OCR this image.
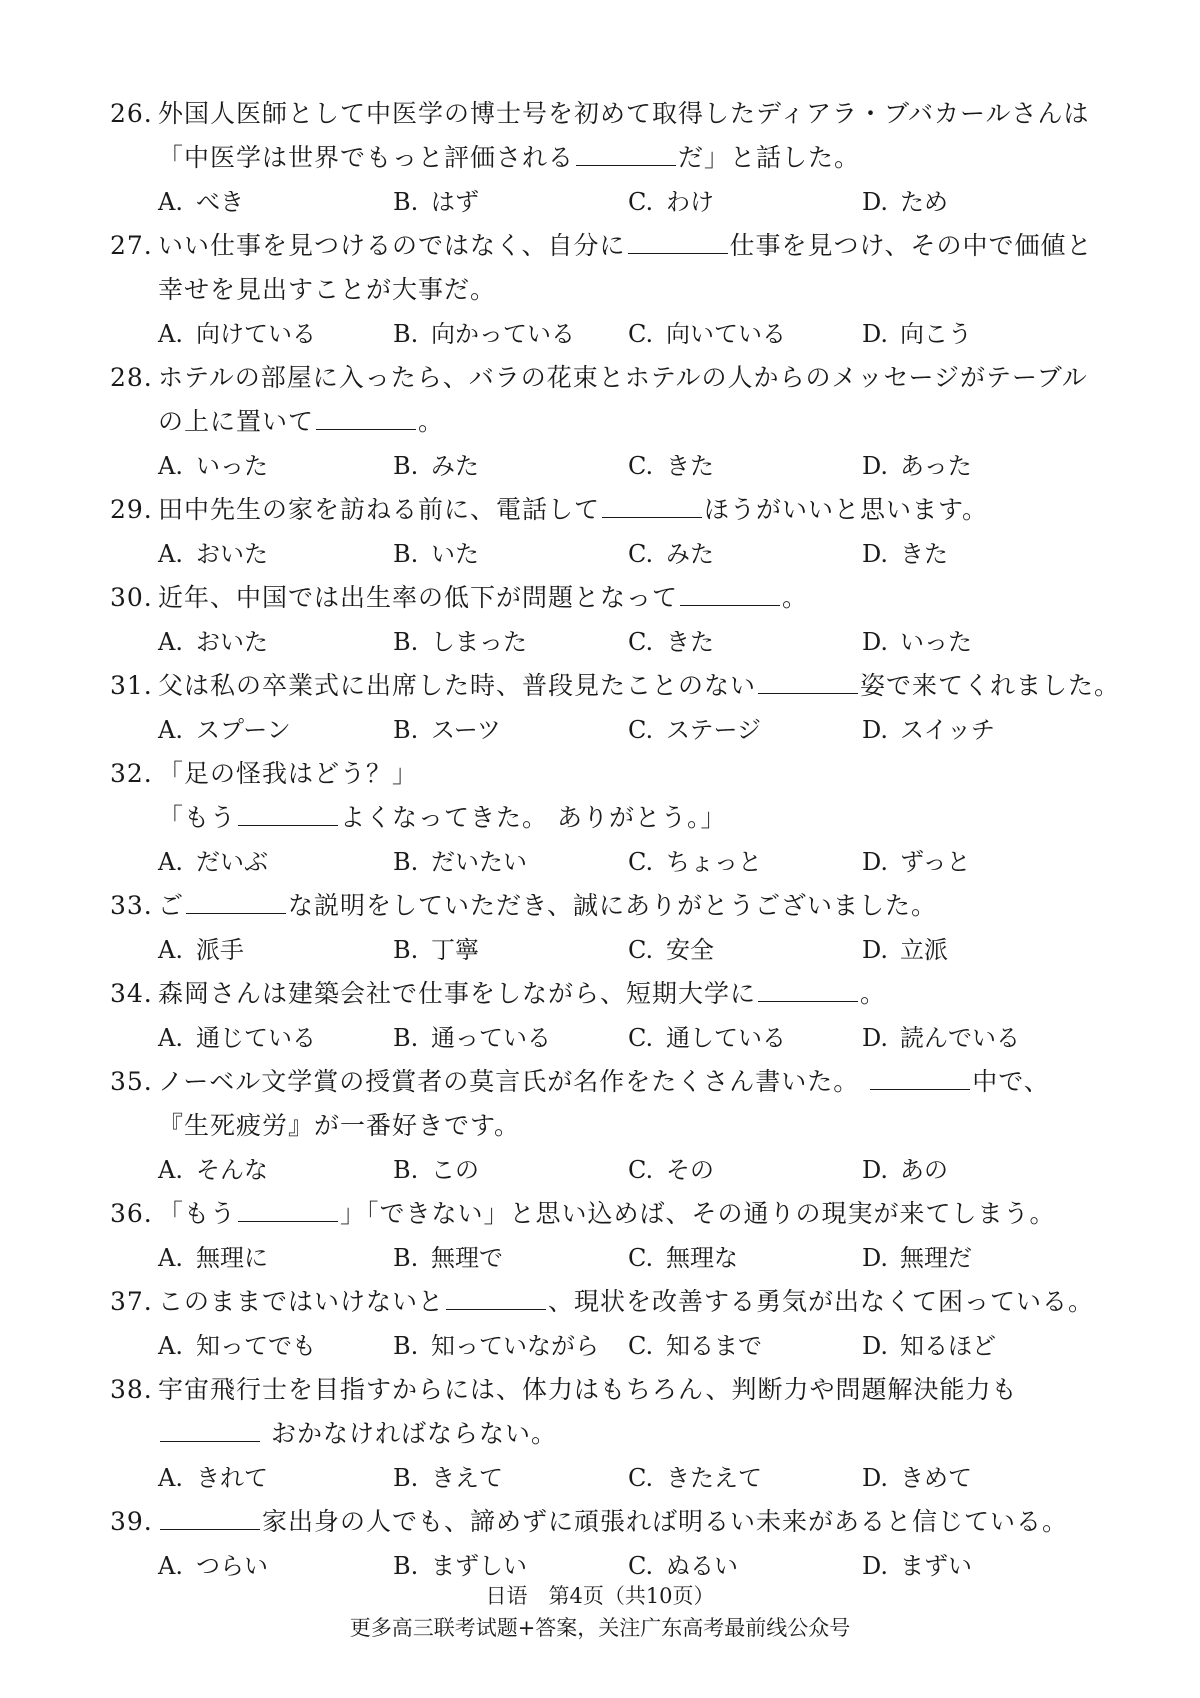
26. 外国人医師として中医学の博士号を初めて取得したディアラ・ブバカールさんは
「中医学は世界でもっと評価される	だ」と話した。
A. べき	B. はず	C. わけ	D. ため
27. いい仕事を見つけるのではなく、自分に	仕事を見つけ、その中で価値と
幸せを見出すことが大事だ。
A. 向けている	B. 向かっている C. 向いている	D. 向こう
28. ホテルの部屋に入ったら、バラの花束とホテルの人からのメッセージがテーブル
の上に置いて	。
A. いった	B. みた	C. きた	D. あった
29. 田中先生の家を訪ねる前に、電話して	ほうがいいと思います。
A. おいた	B. いた	C. みた	D. きた
30. 近年、中国では出生率の低下が問題となって	。
A. おいた	B. しまった	C. きた	D. いった
31. 父は私の卒業式に出席した時、普段見たことのない	姿で来てくれました。
A. スプーン	B. スーツ	C. ステージ	D. スイッチ
32. 「足の怪我はどう？」
「もう	よくなってきた。 ありがとう。」
A. だいぶ	B. だいたい	C. ちょっと	D. ずっと
33. ご	な説明をしていただき、誠にありがとうございました。
A. 派手	B. 丁寧	C. 安全	D. 立派
34. 森岡さんは建築会社で仕事をしながら、短期大学に	。
A. 通じている	B. 通っている	C. 通している	D. 読んでいる
35. ノーベル文学賞の授賞者の莫言氏が名作をたくさん書いた。	中で、
『生死疲労』が一番好きです。
A. そんな	B. この	C. その	D. あの
36. 「もう	」「できない」と思い込めば、その通りの現実が来てしまう。
A. 無理に	B. 無理で	C. 無理な	D. 無理だ
37. このままではいけないと	、現状を改善する勇気が出なくて困っている。
A. 知ってでも	B. 知っていながら C. 知るまで	D. 知るほど
38. 宇宙飛行士を目指すからには、体力はもちろん、判断力や問題解決能力も
おかなければならない。
A. きれて	B. きえて	C. きたえて	D. きめて
39.	家出身の人でも、諦めずに頑張れば明るい未来があると信じている。
A. つらい	B. まずしい	C. ぬるい	D. まずい
日语　第4页（共10页）
更多高三联考试题+答案，关注广东高考最前线公众号
